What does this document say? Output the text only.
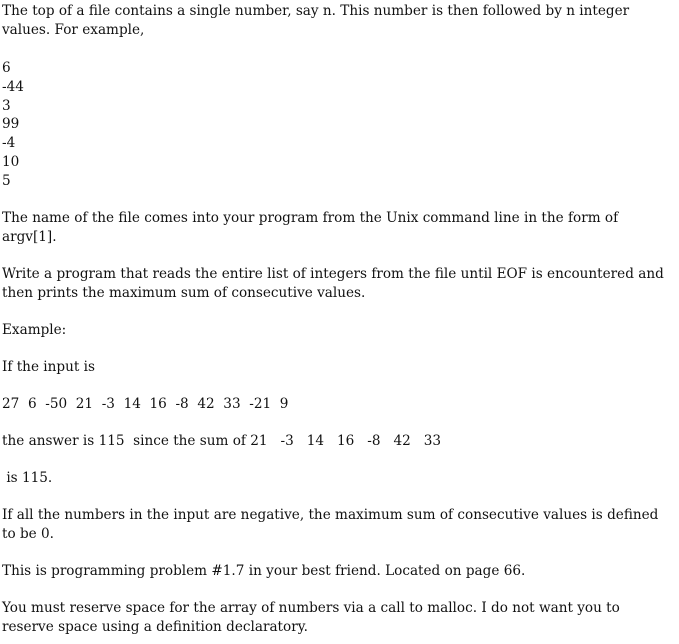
The top of a file contains a single number, say n. This number is then followed by n integer values. For example,

6
-44
3
99
-4
10
5

The name of the file comes into your program from the Unix command line in the form of argv[1].

Write a program that reads the entire list of integers from the file until EOF is encountered and then prints the maximum sum of consecutive values.

Example:

If the input is

27  6  -50  21  -3  14  16  -8  42  33  -21  9

the answer is 115  since the sum of 21   -3   14   16   -8   42   33

is 115.

If all the numbers in the input are negative, the maximum sum of consecutive values is defined to be 0.

This is programming problem #1.7 in your best friend. Located on page 66.

You must reserve space for the array of numbers via a call to malloc. I do not want you to reserve space using a definition declaratory.
